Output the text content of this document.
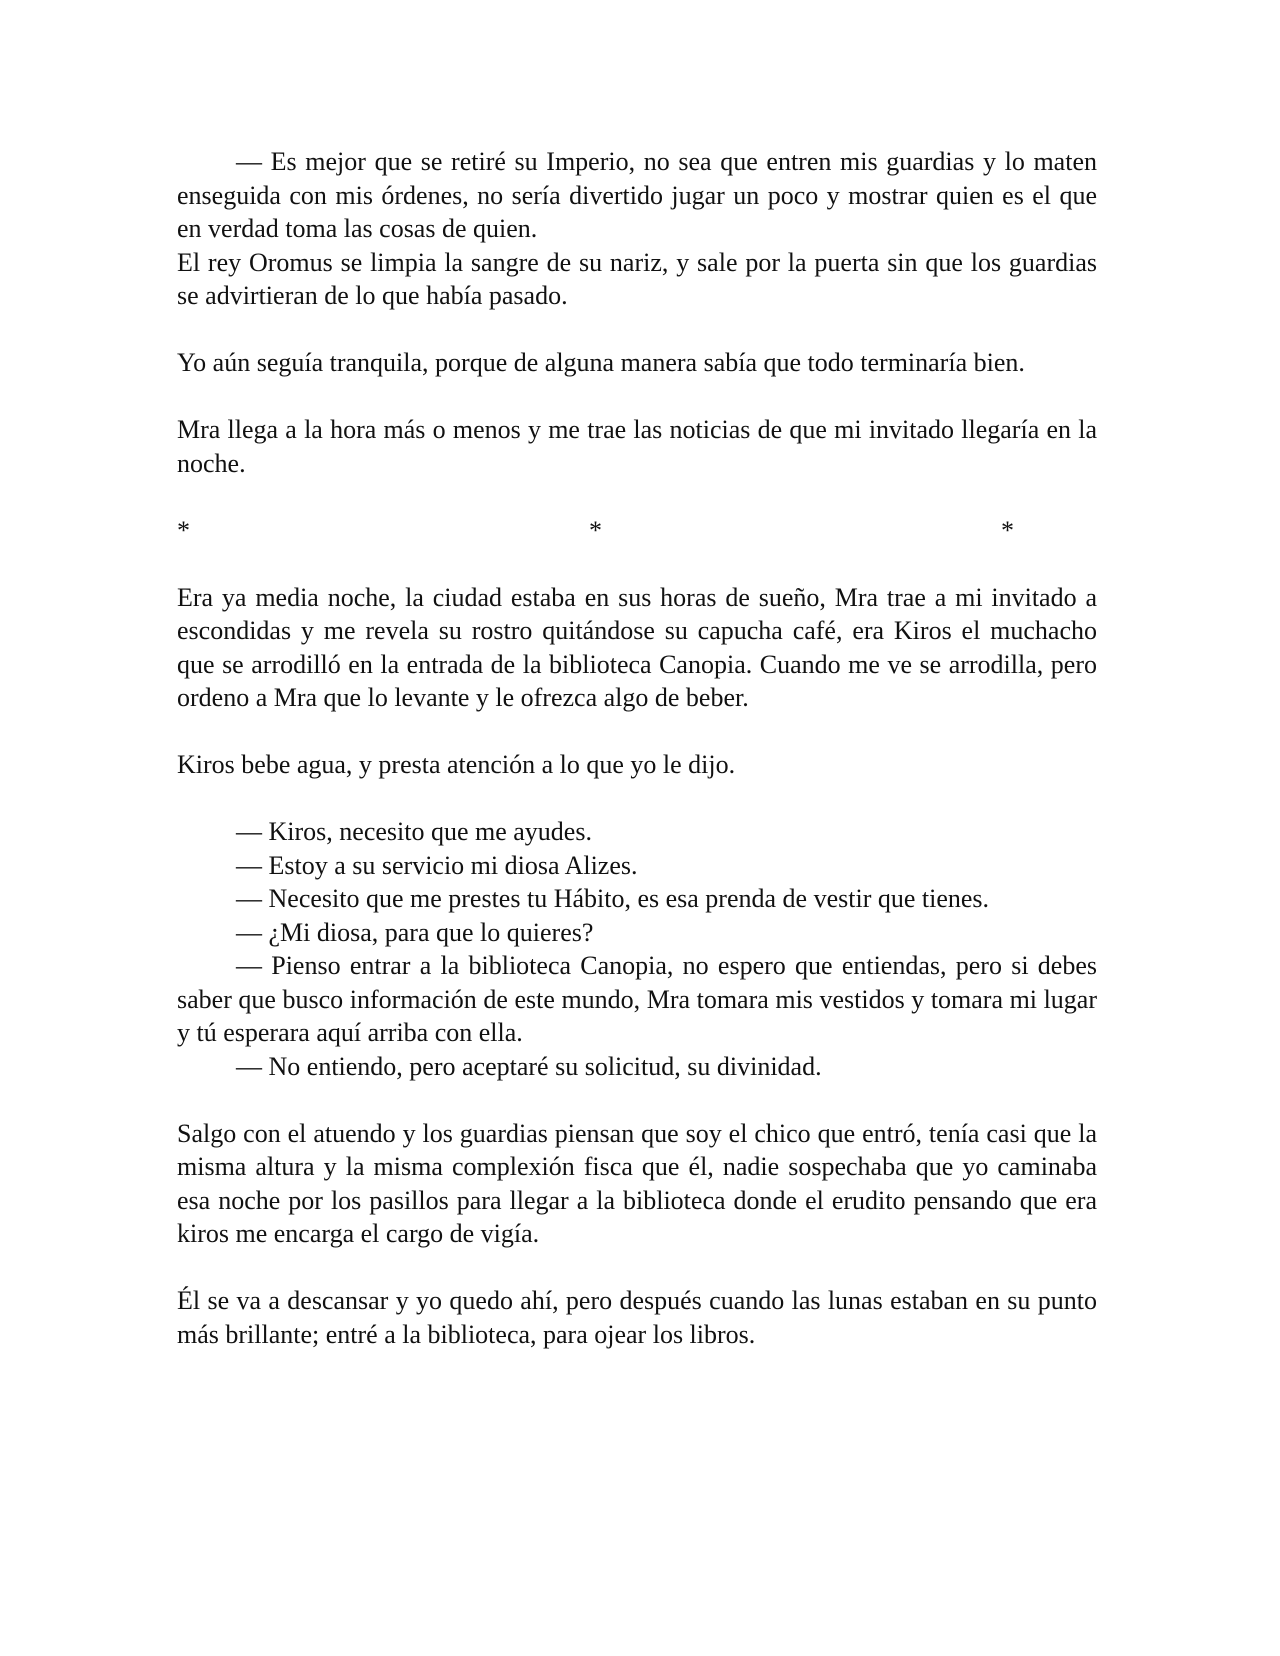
— Es mejor que se retiré su Imperio, no sea que entren mis guardias y lo maten enseguida con mis órdenes, no sería divertido jugar un poco y mostrar quien es el que en verdad toma las cosas de quien.

El rey Oromus se limpia la sangre de su nariz, y sale por la puerta sin que los guardias se advirtieran de lo que había pasado.

Yo aún seguía tranquila, porque de alguna manera sabía que todo terminaría bien.

Mra llega a la hora más o menos y me trae las noticias de que mi invitado llegaría en la noche.

*	*	*

Era ya media noche, la ciudad estaba en sus horas de sueño, Mra trae a mi invitado a escondidas y me revela su rostro quitándose su capucha café, era Kiros el muchacho que se arrodilló en la entrada de la biblioteca Canopia. Cuando me ve se arrodilla, pero ordeno a Mra que lo levante y le ofrezca algo de beber.

Kiros bebe agua, y presta atención a lo que yo le dijo.

— Kiros, necesito que me ayudes.

— Estoy a su servicio mi diosa Alizes.

— Necesito que me prestes tu Hábito, es esa prenda de vestir que tienes.

— ¿Mi diosa, para que lo quieres?

— Pienso entrar a la biblioteca Canopia, no espero que entiendas, pero si debes saber que busco información de este mundo, Mra tomara mis vestidos y tomara mi lugar y tú esperara aquí arriba con ella.

— No entiendo, pero aceptaré su solicitud, su divinidad.

Salgo con el atuendo y los guardias piensan que soy el chico que entró, tenía casi que la misma altura y la misma complexión fisca que él, nadie sospechaba que yo caminaba esa noche por los pasillos para llegar a la biblioteca donde el erudito pensando que era kiros me encarga el cargo de vigía.

Él se va a descansar y yo quedo ahí, pero después cuando las lunas estaban en su punto más brillante; entré a la biblioteca, para ojear los libros.
